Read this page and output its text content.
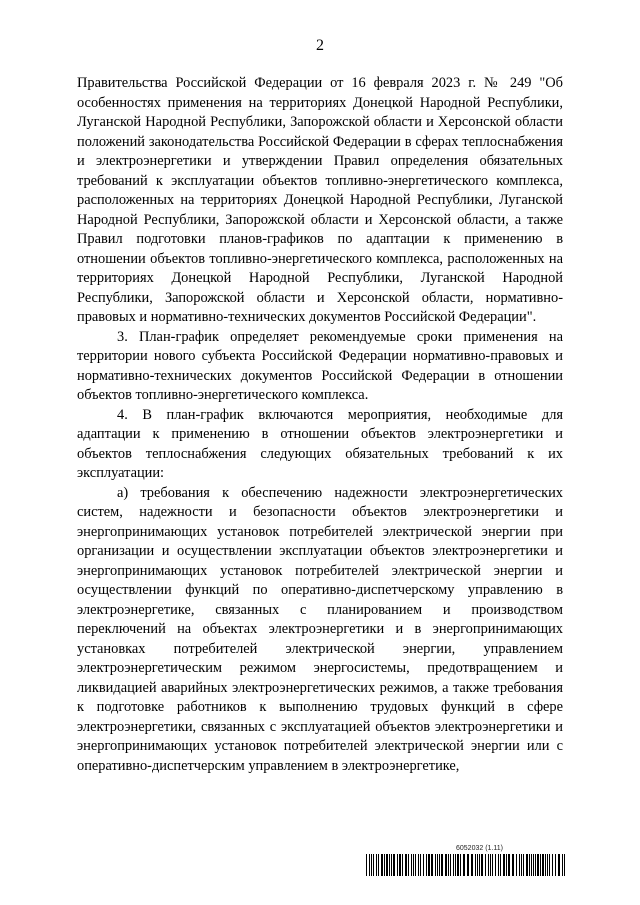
2

Правительства Российской Федерации от 16 февраля 2023 г. № 249 "Об особенностях применения на территориях Донецкой Народной Республики, Луганской Народной Республики, Запорожской области и Херсонской области положений законодательства Российской Федерации в сферах теплоснабжения и электроэнергетики и утверждении Правил определения обязательных требований к эксплуатации объектов топливно-энергетического комплекса, расположенных на территориях Донецкой Народной Республики, Луганской Народной Республики, Запорожской области и Херсонской области, а также Правил подготовки планов-графиков по адаптации к применению в отношении объектов топливно-энергетического комплекса, расположенных на территориях Донецкой Народной Республики, Луганской Народной Республики, Запорожской области и Херсонской области, нормативно-правовых и нормативно-технических документов Российской Федерации".

3. План-график определяет рекомендуемые сроки применения на территории нового субъекта Российской Федерации нормативно-правовых и нормативно-технических документов Российской Федерации в отношении объектов топливно-энергетического комплекса.

4. В план-график включаются мероприятия, необходимые для адаптации к применению в отношении объектов электроэнергетики и объектов теплоснабжения следующих обязательных требований к их эксплуатации:

а) требования к обеспечению надежности электроэнергетических систем, надежности и безопасности объектов электроэнергетики и энергопринимающих установок потребителей электрической энергии при организации и осуществлении эксплуатации объектов электроэнергетики и энергопринимающих установок потребителей электрической энергии и осуществлении функций по оперативно-диспетчерскому управлению в электроэнергетике, связанных с планированием и производством переключений на объектах электроэнергетики и в энергопринимающих установках потребителей электрической энергии, управлением электроэнергетическим режимом энергосистемы, предотвращением и ликвидацией аварийных электроэнергетических режимов, а также требования к подготовке работников к выполнению трудовых функций в сфере электроэнергетики, связанных с эксплуатацией объектов электроэнергетики и энергопринимающих установок потребителей электрической энергии или с оперативно-диспетчерским управлением в электроэнергетике,

6052032 (1.11)
